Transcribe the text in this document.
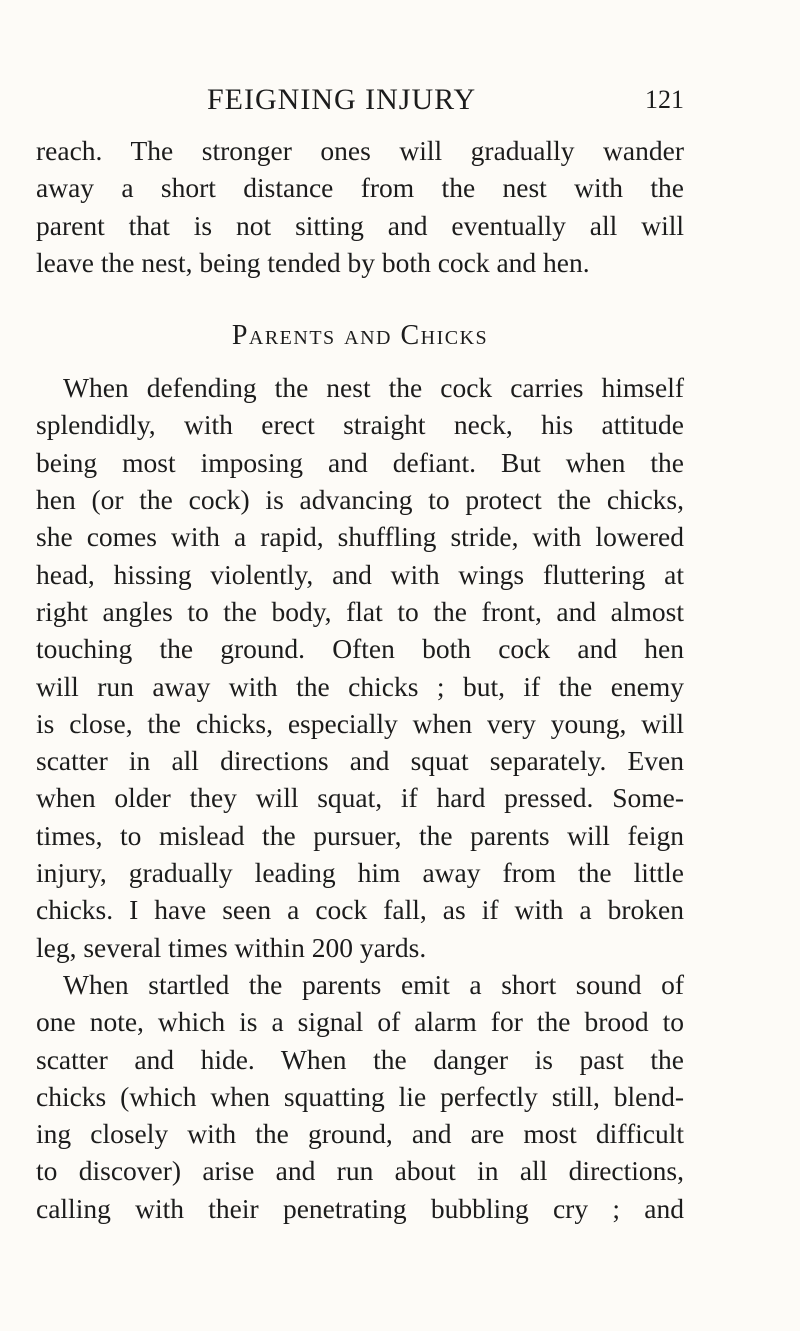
FEIGNING INJURY	121
reach. The stronger ones will gradually wander
away a short distance from the nest with the
parent that is not sitting and eventually all will
leave the nest, being tended by both cock and hen.
Parents and Chicks
When defending the nest the cock carries himself
splendidly, with erect straight neck, his attitude
being most imposing and defiant. But when the
hen (or the cock) is advancing to protect the chicks,
she comes with a rapid, shuffling stride, with lowered
head, hissing violently, and with wings fluttering at
right angles to the body, flat to the front, and almost
touching the ground. Often both cock and hen
will run away with the chicks ; but, if the enemy
is close, the chicks, especially when very young, will
scatter in all directions and squat separately. Even
when older they will squat, if hard pressed. Some-
times, to mislead the pursuer, the parents will feign
injury, gradually leading him away from the little
chicks. I have seen a cock fall, as if with a broken
leg, several times within 200 yards.
When startled the parents emit a short sound of
one note, which is a signal of alarm for the brood to
scatter and hide. When the danger is past the
chicks (which when squatting lie perfectly still, blend-
ing closely with the ground, and are most difficult
to discover) arise and run about in all directions,
calling with their penetrating bubbling cry ; and
